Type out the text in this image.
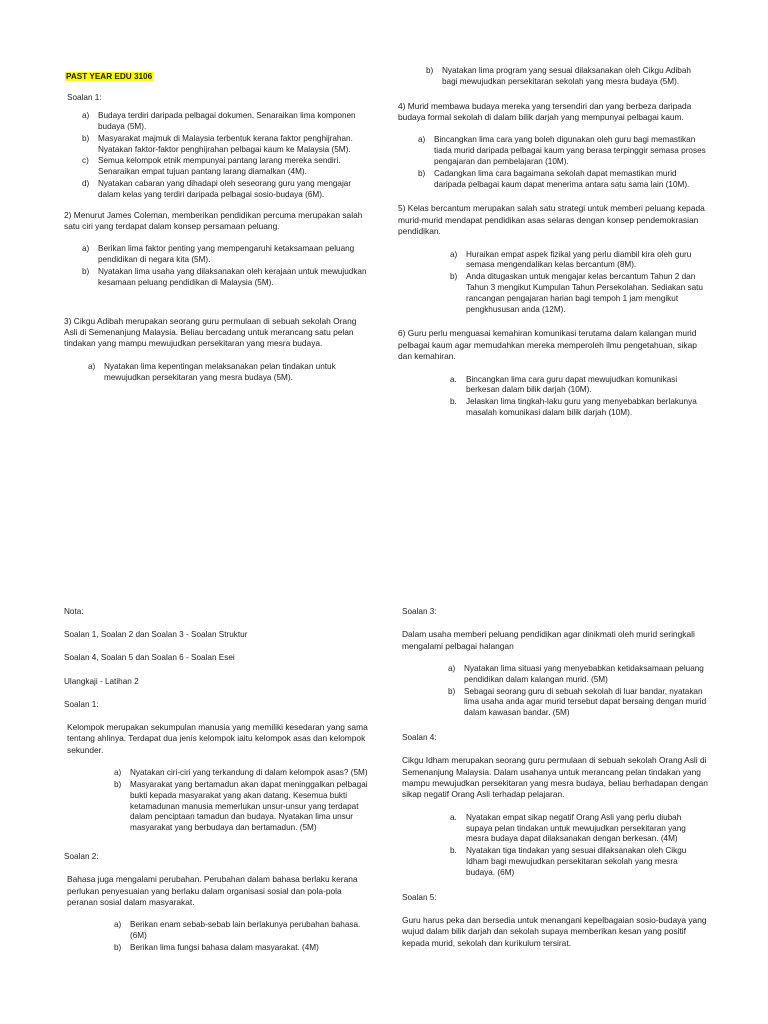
PAST YEAR EDU 3106

Soalan 1:

a) Budaya terdiri daripada pelbagai dokumen. Senaraikan lima komponen budaya (5M).
b) Masyarakat majmuk di Malaysia terbentuk kerana faktor penghijrahan. Nyatakan faktor-faktor penghijrahan pelbagai kaum ke Malaysia (5M).
c) Semua kelompok etnik mempunyai pantang larang mereka sendiri. Senaraikan empat tujuan pantang larang diamalkan (4M).
d) Nyatakan cabaran yang dihadapi oleh seseorang guru yang mengajar dalam kelas yang terdiri daripada pelbagai sosio-budaya (6M).

2) Menurut James Coleman, memberikan pendidikan percuma merupakan salah satu ciri yang terdapat dalam konsep persamaan peluang.

a) Berikan lima faktor penting yang mempengaruhi ketaksamaan peluang pendidikan di negara kita (5M).
b) Nyatakan lima usaha yang dilaksanakan oleh kerajaan untuk mewujudkan kesamaan peluang pendidikan di Malaysia (5M).

3) Cikgu Adibah merupakan seorang guru permulaan di sebuah sekolah Orang Asli di Semenanjung Malaysia. Beliau bercadang untuk merancang satu pelan tindakan yang mampu mewujudkan persekitaran yang mesra budaya.

a) Nyatakan lima kepentingan melaksanakan pelan tindakan untuk mewujudkan persekitaran yang mesra budaya (5M).
b) Nyatakan lima program yang sesuai dilaksanakan oleh Cikgu Adibah bagi mewujudkan persekitaran sekolah yang mesra budaya (5M).

4) Murid membawa budaya mereka yang tersendiri dan yang berbeza daripada budaya formal sekolah di dalam bilik darjah yang mempunyai pelbagai kaum.

a) Bincangkan lima cara yang boleh digunakan oleh guru bagi memastikan tiada murid daripada pelbagai kaum yang berasa terpinggir semasa proses pengajaran dan pembelajaran (10M).
b) Cadangkan lima cara bagaimana sekolah dapat memastikan murid daripada pelbagai kaum dapat menerima antara satu sama lain (10M).

5) Kelas bercantum merupakan salah satu strategi untuk memberi peluang kepada murid-murid mendapat pendidikan asas selaras dengan konsep pendemokrasian pendidikan.

a) Huraikan empat aspek fizikal yang perlu diambil kira oleh guru semasa mengendalikan kelas bercantum (8M).
b) Anda ditugaskan untuk mengajar kelas bercantum Tahun 2 dan Tahun 3 mengikut Kumpulan Tahun Persekolahan. Sediakan satu rancangan pengajaran harian bagi tempoh 1 jam mengikut pengkhususan anda (12M).

6) Guru perlu menguasai kemahiran komunikasi terutama dalam kalangan murid pelbagai kaum agar memudahkan mereka memperoleh ilmu pengetahuan, sikap dan kemahiran.

a. Bincangkan lima cara guru dapat mewujudkan komunikasi berkesan dalam bilik darjah (10M).
b. Jelaskan lima tingkah-laku guru yang menyebabkan berlakunya masalah komunikasi dalam bilik darjah (10M).

Nota:

Soalan 1, Soalan 2 dan Soalan 3 - Soalan Struktur

Soalan 4, Soalan 5 dan Soalan 6 - Soalan Esei

Ulangkaji - Latihan 2

Soalan 1:

Kelompok merupakan sekumpulan manusia yang memiliki kesedaran yang sama tentang ahlinya. Terdapat dua jenis kelompok iaitu kelompok asas dan kelompok sekunder.

a) Nyatakan ciri-ciri yang terkandung di dalam kelompok asas? (5M)
b) Masyarakat yang bertamadun akan dapat meninggalkan pelbagai bukti kepada masyarakat yang akan datang. Kesemua bukti ketamadunan manusia memerlukan unsur-unsur yang terdapat dalam penciptaan tamadun dan budaya. Nyatakan lima unsur masyarakat yang berbudaya dan bertamadun. (5M)

Soalan 2:

Bahasa juga mengalami perubahan. Perubahan dalam bahasa berlaku kerana perlukan penyesuaian yang berlaku dalam organisasi sosial dan pola-pola peranan sosial dalam masyarakat.

a) Berikan enam sebab-sebab lain berlakunya perubahan bahasa. (6M)
b) Berikan lima fungsi bahasa dalam masyarakat. (4M)

Soalan 3:

Dalam usaha memberi peluang pendidikan agar dinikmati oleh murid seringkali mengalami pelbagai halangan

a) Nyatakan lima situasi yang menyebabkan ketidaksamaan peluang pendidikan dalam kalangan murid. (5M)
b) Sebagai seorang guru di sebuah sekolah di luar bandar, nyatakan lima usaha anda agar murid tersebut dapat bersaing dengan murid dalam kawasan bandar. (5M)

Soalan 4:

Cikgu Idham merupakan seorang guru permulaan di sebuah sekolah Orang Asli di Semenanjung Malaysia. Dalam usahanya untuk merancang pelan tindakan yang mampu mewujudkan persekitaran yang mesra budaya, beliau berhadapan dengan sikap negatif Orang Asli terhadap pelajaran.

a. Nyatakan empat sikap negatif Orang Asli yang perlu diubah supaya pelan tindakan untuk mewujudkan persekitaran yang mesra budaya dapat dilaksanakan dengan berkesan. (4M)
b. Nyatakan tiga tindakan yang sesuai dilaksanakan oleh Cikgu Idham bagi mewujudkan persekitaran sekolah yang mesra budaya. (6M)

Soalan 5:

Guru harus peka dan bersedia untuk menangani kepelbagaian sosio-budaya yang wujud dalam bilik darjah dan sekolah supaya memberikan kesan yang positif kepada murid, sekolah dan kurikulum tersirat.
